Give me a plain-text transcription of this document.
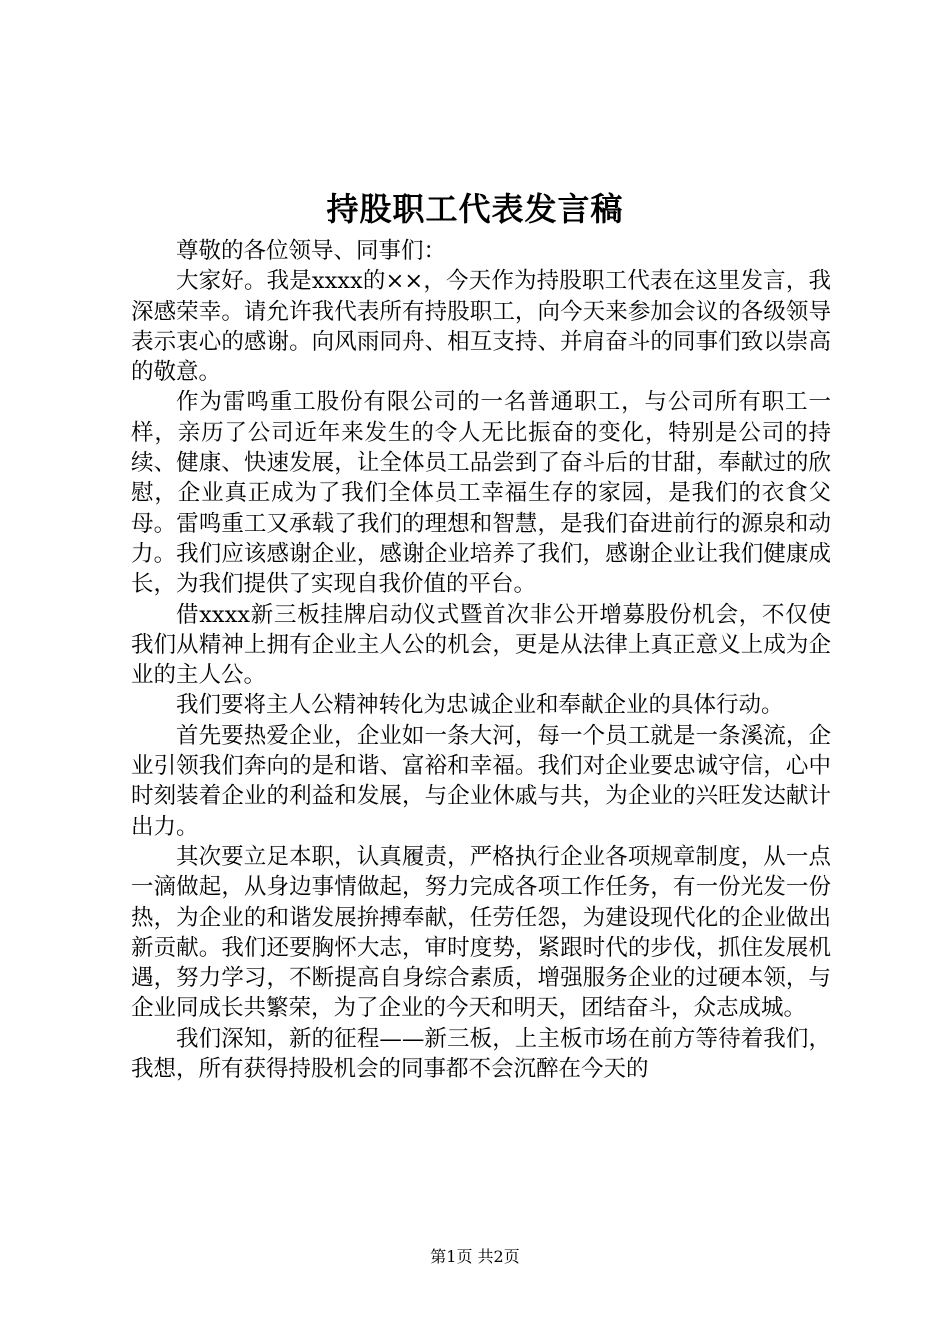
持股职工代表发言稿

尊敬的各位领导、同事们：

大家好。我是xxxx的××，今天作为持股职工代表在这里发言，我深感荣幸。请允许我代表所有持股职工，向今天来参加会议的各级领导表示衷心的感谢。向风雨同舟、相互支持、并肩奋斗的同事们致以崇高的敬意。

作为雷鸣重工股份有限公司的一名普通职工，与公司所有职工一样，亲历了公司近年来发生的令人无比振奋的变化，特别是公司的持续、健康、快速发展，让全体员工品尝到了奋斗后的甘甜，奉献过的欣慰，企业真正成为了我们全体员工幸福生存的家园，是我们的衣食父母。雷鸣重工又承载了我们的理想和智慧，是我们奋进前行的源泉和动力。我们应该感谢企业，感谢企业培养了我们，感谢企业让我们健康成长，为我们提供了实现自我价值的平台。

借xxxx新三板挂牌启动仪式暨首次非公开增募股份机会，不仅使我们从精神上拥有企业主人公的机会，更是从法律上真正意义上成为企业的主人公。

我们要将主人公精神转化为忠诚企业和奉献企业的具体行动。

首先要热爱企业，企业如一条大河，每一个员工就是一条溪流，企业引领我们奔向的是和谐、富裕和幸福。我们对企业要忠诚守信，心中时刻装着企业的利益和发展，与企业休戚与共，为企业的兴旺发达献计出力。

其次要立足本职，认真履责，严格执行企业各项规章制度，从一点一滴做起，从身边事情做起，努力完成各项工作任务，有一份光发一份热，为企业的和谐发展拚搏奉献，任劳任怨，为建设现代化的企业做出新贡献。我们还要胸怀大志，审时度势，紧跟时代的步伐，抓住发展机遇，努力学习，不断提高自身综合素质，增强服务企业的过硬本领，与企业同成长共繁荣，为了企业的今天和明天，团结奋斗，众志成城。

我们深知，新的征程——新三板，上主板市场在前方等待着我们，我想，所有获得持股机会的同事都不会沉醉在今天的

第1页 共2页
